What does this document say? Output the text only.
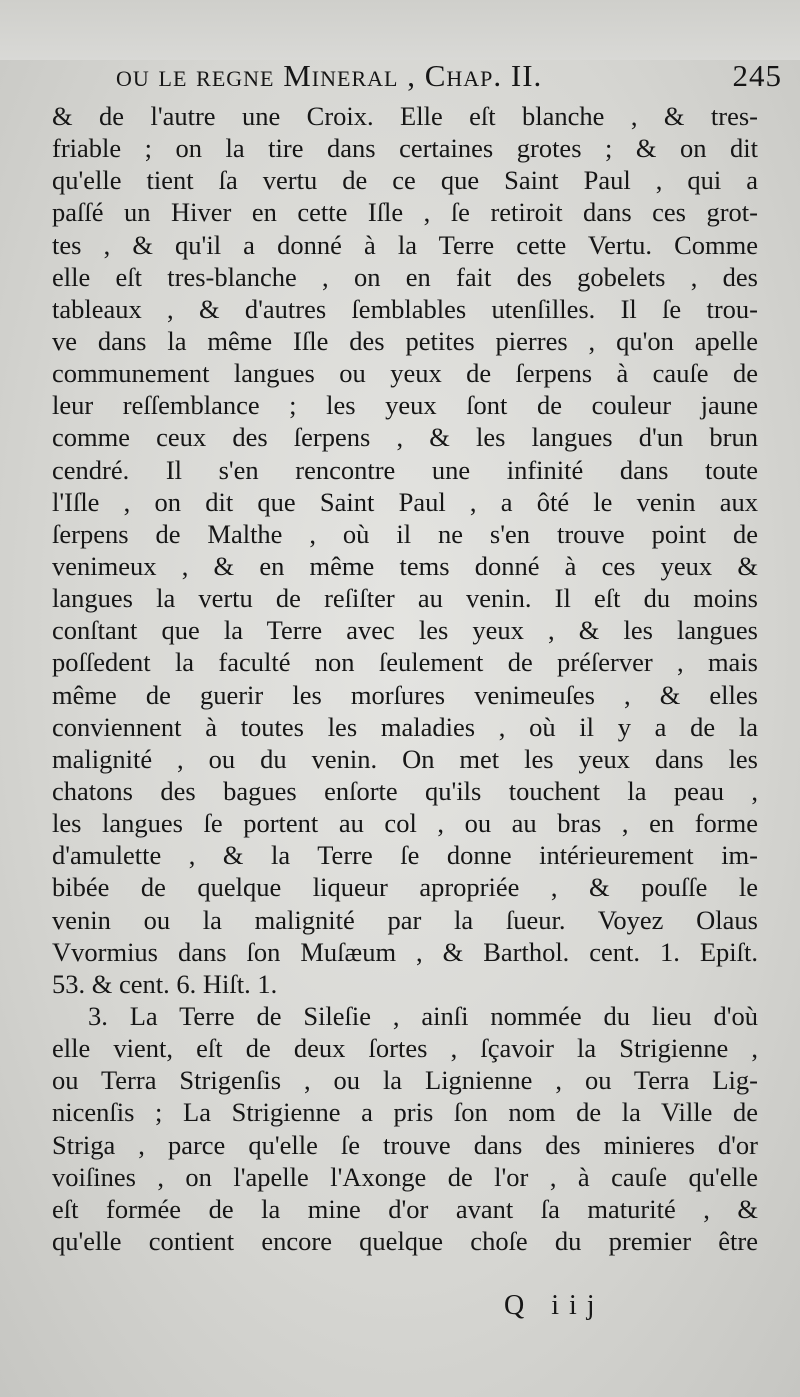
ou le regne Mineral , Chap. II.	245
& de l'autre une Croix. Elle eſt blanche , & tres-
friable ; on la tire dans certaines grotes ; & on dit
qu'elle tient ſa vertu de ce que Saint Paul , qui a
paſſé un Hiver en cette Iſle , ſe retiroit dans ces grot-
tes , & qu'il a donné à la Terre cette Vertu. Comme
elle eſt tres-blanche , on en fait des gobelets , des
tableaux , & d'autres ſemblables utenſilles. Il ſe trou-
ve dans la même Iſle des petites pierres , qu'on apelle
communement langues ou yeux de ſerpens à cauſe de
leur reſſemblance ; les yeux ſont de couleur jaune
comme ceux des ſerpens , & les langues d'un brun
cendré. Il s'en rencontre une infinité dans toute
l'Iſle , on dit que Saint Paul , a ôté le venin aux
ſerpens de Malthe , où il ne s'en trouve point de
venimeux , & en même tems donné à ces yeux &
langues la vertu de reſiſter au venin. Il eſt du moins
conſtant que la Terre avec les yeux , & les langues
poſſedent la faculté non ſeulement de préſerver , mais
même de guerir les morſures venimeuſes , & elles
conviennent à toutes les maladies , où il y a de la
malignité , ou du venin. On met les yeux dans les
chatons des bagues enſorte qu'ils touchent la peau ,
les langues ſe portent au col , ou au bras , en forme
d'amulette , & la Terre ſe donne intérieurement im-
bibée de quelque liqueur apropriée , & pouſſe le
venin ou la malignité par la ſueur. Voyez Olaus
Vvormius dans ſon Muſæum , & Barthol. cent. 1. Epiſt.
53. & cent. 6. Hiſt. 1.
3. La Terre de Sileſie , ainſi nommée du lieu d'où
elle vient, eſt de deux ſortes , ſçavoir la Strigienne ,
ou Terra Strigenſis , ou la Lignienne , ou Terra Lig-
nicenſis ; La Strigienne a pris ſon nom de la Ville de
Striga , parce qu'elle ſe trouve dans des minieres d'or
voiſines , on l'apelle l'Axonge de l'or , à cauſe qu'elle
eſt formée de la mine d'or avant ſa maturité , &
qu'elle contient encore quelque choſe du premier être
Q iij
